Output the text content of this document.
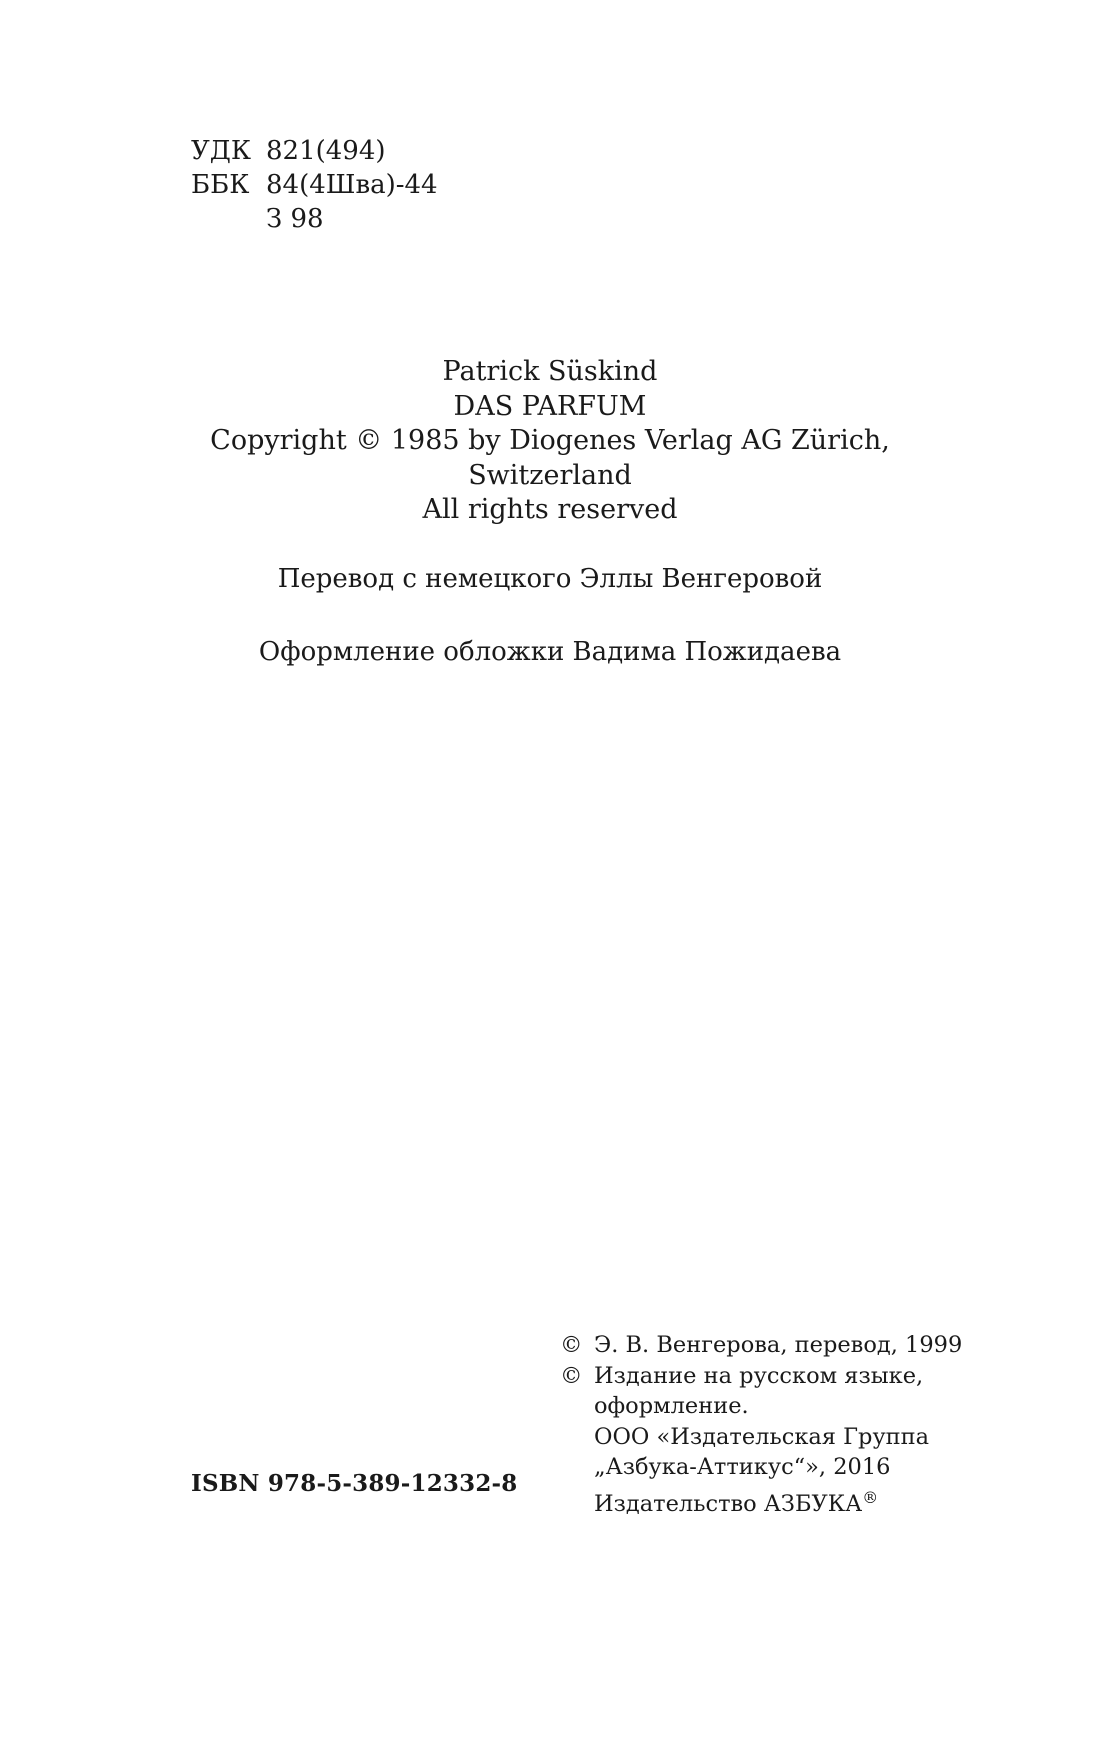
УДК 821(494)
ББК 84(4Шва)-44
З 98
Patrick Süskind
DAS PARFUM
Copyright © 1985 by Diogenes Verlag AG Zürich,
Switzerland
All rights reserved
Перевод с немецкого Эллы Венгеровой
Оформление обложки Вадима Пожидаева
© Э. В. Венгерова, перевод, 1999
© Издание на русском языке,
оформление.
ООО «Издательская Группа
„Азбука-Аттикус“», 2016
Издательство АЗБУКА®
ISBN 978-5-389-12332-8
